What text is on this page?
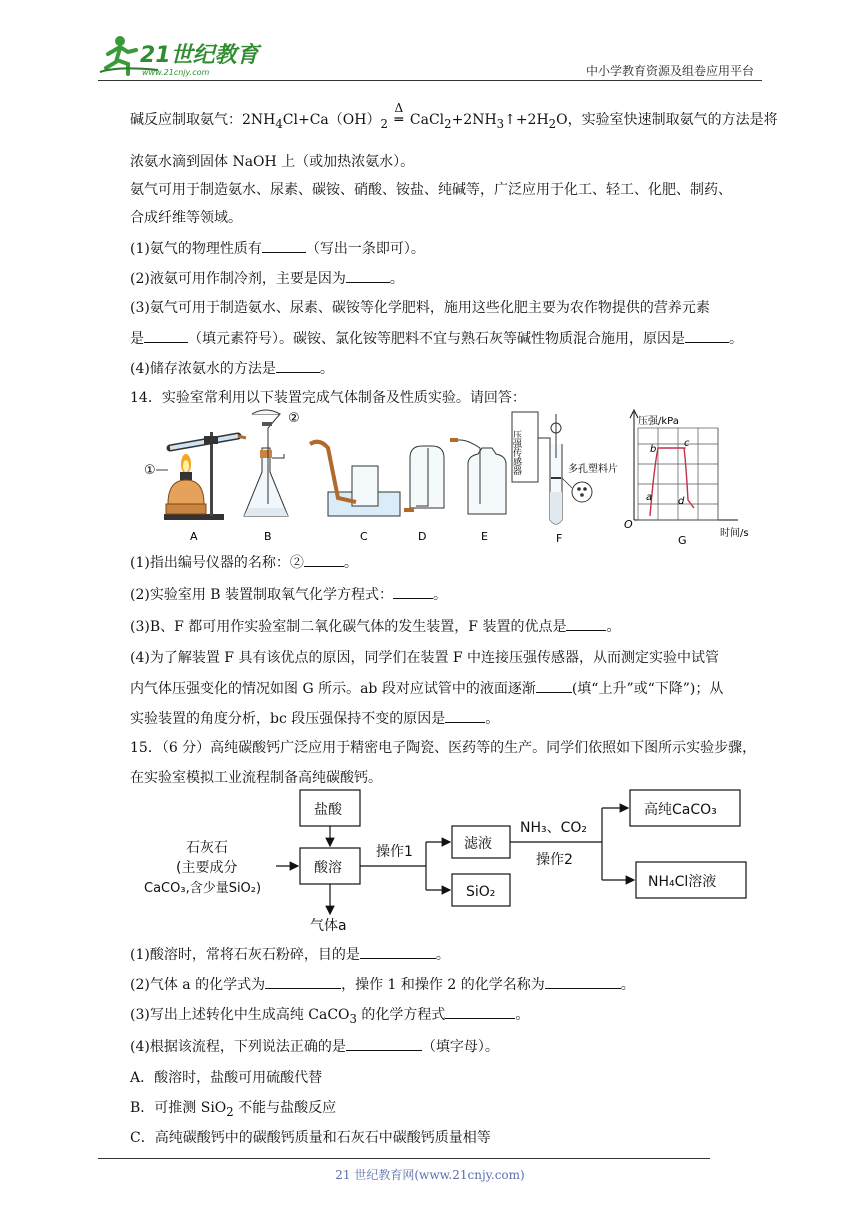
21世纪教育
www.21cnjy.com	中小学教育资源及组卷应用平台
碱反应制取氨气：$2NH_4Cl+Ca(OH)_2$
Δ
═ $CaCl_2+2NH_3↑+2H_2O$，实验室快速制取氨气的方法是将
浓氨水滴到固体 NaOH 上（或加热浓氨水）。
氨气可用于制造氨水、尿素、碳铵、硝酸、铵盐、纯碱等，广泛应用于化工、轻工、化肥、制药、
合成纤维等领域。
(1)氨气的物理性质有	（写出一条即可）。
(2)液氨可用作制冷剂，主要是因为	。
(3)氨气可用于制造氨水、尿素、碳铵等化学肥料，施用这些化肥主要为农作物提供的营养元素
是	（填元素符号）。碳铵、氯化铵等肥料不宜与熟石灰等碱性物质混合施用，原因是	。
(4)储存浓氨水的方法是	。
14．实验室常利用以下装置完成气体制备及性质实验。请回答：
①
A
②
B	C	D	E
压强传感器	多孔塑料片
F
压强/kPa
O
时间/s
a
b
c
d
G
(1)指出编号仪器的名称：②	。
(2)实验室用 B 装置制取氧气化学方程式：	。
(3)B、F 都可用作实验室制二氧化碳气体的发生装置，F 装置的优点是	。
(4)为了解装置 F 具有该优点的原因，同学们在装置 F 中连接压强传感器，从而测定实验中试管
内气体压强变化的情况如图 G 所示。ab 段对应试管中的液面逐渐	(填“上升”或“下降”)；从
实验装置的角度分析，bc 段压强保持不变的原因是	。
15．（6 分）高纯碳酸钙广泛应用于精密电子陶瓷、医药等的生产。同学们依照如下图所示实验步骤，
在实验室模拟工业流程制备高纯碳酸钙。
盐酸
酸溶
石灰石
(主要成分
CaCO₃,含少量SiO₂)
操作1	滤液
SiO₂
气体a
NH₃、CO₂
操作2
高纯CaCO₃
NH₄Cl溶液
(1)酸溶时，常将石灰石粉碎，目的是	。
(2)气体 a 的化学式为	，操作 1 和操作 2 的化学名称为	。
(3)写出上述转化中生成高纯 CaCO$_3$ 的化学方程式	。
(4)根据该流程，下列说法正确的是	（填字母）。
A．酸溶时，盐酸可用硫酸代替
B．可推测 SiO$_2$ 不能与盐酸反应
C．高纯碳酸钙中的碳酸钙质量和石灰石中碳酸钙质量相等
21 世纪教育网(www.21cnjy.com)
